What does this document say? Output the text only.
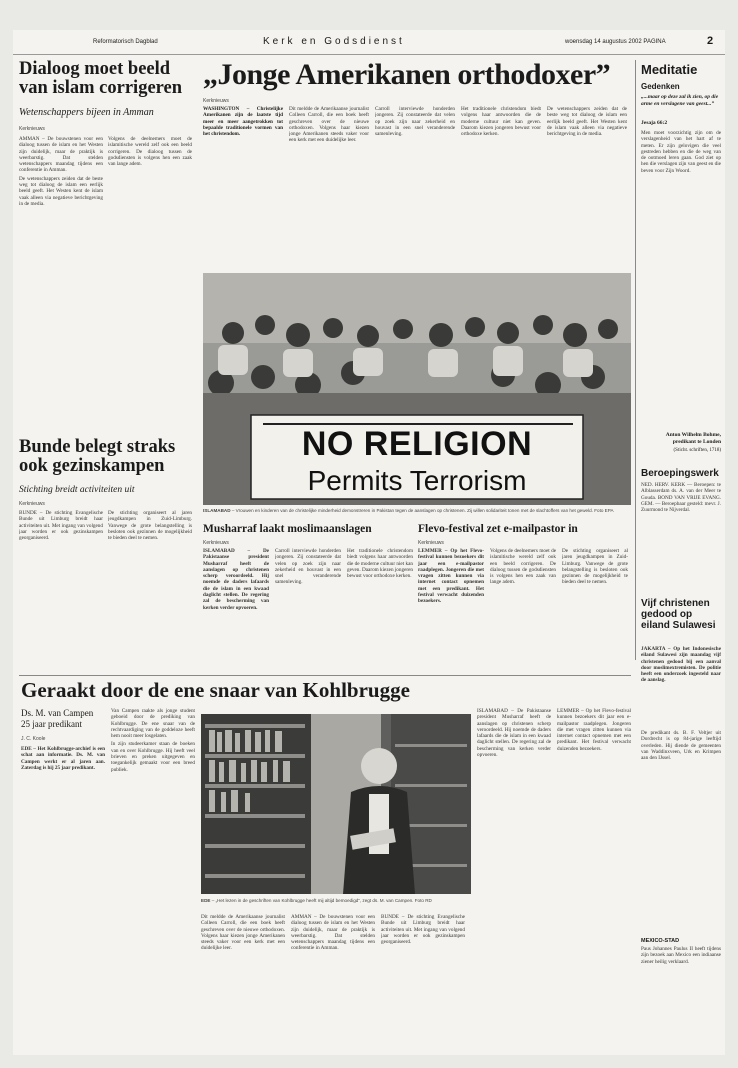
Reformatorisch Dagblad	Kerk en Godsdienst	woensdag 14 augustus 2002 PAGINA	2
Dialoog moet beeld van islam corrigeren
Wetenschappers bijeen in Amman
Kerknieuws

AMMAN – De bouwstenen voor een dialoog tussen de islam en het Westen zijn duidelijk, maar de praktijk is weerbarstig. Dat stelden wetenschappers maandag tijdens een conferentie in Amman.

De wetenschappers zeiden dat de beste weg tot dialoog de islam een eerlijk beeld geeft. Het Westen kent de islam vaak alleen via negatieve berichtgeving in de media.

Volgens de deelnemers moet de islamitische wereld zelf ook een beeld corrigeren. De dialoog tussen de godsdiensten is volgens hen een zaak van lange adem.

„Jonge Amerikanen orthodoxer”
Kerknieuws
WASHINGTON – Christelijke Amerikanen zijn de laatste tijd meer en meer aangetrokken tot bepaalde traditionele vormen van het christendom.
Dit meldde de Amerikaanse journalist Colleen Carroll, die een boek heeft geschreven over de nieuwe orthodoxen. Volgens haar kiezen jonge Amerikanen steeds vaker voor een kerk met een duidelijke leer.
Carroll interviewde honderden jongeren. Zij constateerde dat velen op zoek zijn naar zekerheid en houvast in een snel veranderende samenleving.
Het traditionele christendom biedt volgens haar antwoorden die de moderne cultuur niet kan geven. Daarom kiezen jongeren bewust voor orthodoxe kerken.
De wetenschappers zeiden dat de beste weg tot dialoog de islam een eerlijk beeld geeft. Het Westen kent de islam vaak alleen via negatieve berichtgeving in de media.
NO RELIGION
Permits Terrorism
ISLAMABAD – Vrouwen en kinderen van de christelijke minderheid demonstreren in Pakistan tegen de aanslagen op christenen. Zij willen solidariteit tonen met de slachtoffers van het geweld. Foto EPA
Meditatie
Gedenken
„...maar op deze zal ik zien, op die arme en verslagene van geest...”
Jesaja 66:2
Men moet voorzichtig zijn om de verslagenheid van het hart af te meten. Er zijn gelovigen die veel gestreden hebben en die de weg van de ootmoed leren gaan. God ziet op hen die verslagen zijn van geest en die beven voor Zijn Woord.
Anton Wilhelm Bohme,
predikant te Londen
(Sticht. schriften, 1718)
Beroepingswerk
NED. HERV. KERK — Beroepen: te Alblasserdam ds. A. van der Meer te Gouda. BOND VAN VRIJE EVANG. GEM. — Beroepbaar gesteld: mevr. J. Zuurmond te Nijverdal.
Vijf christenen gedood op eiland Sulawesi
JAKARTA – Op het Indonesische eiland Sulawesi zijn maandag vijf christenen gedood bij een aanval door moslimextremisten. De politie heeft een onderzoek ingesteld naar de aanslag.
Bunde belegt straks ook gezinskampen
Stichting breidt activiteiten uit
Kerknieuws
BUNDE – De stichting Evangelische Bunde uit Limburg breidt haar activiteiten uit. Met ingang van volgend jaar worden er ook gezinskampen georganiseerd.
De stichting organiseert al jaren jeugdkampen in Zuid-Limburg. Vanwege de grote belangstelling is besloten ook gezinnen de mogelijkheid te bieden deel te nemen.
Musharraf laakt moslimaanslagen
Kerknieuws
ISLAMABAD – De Pakistaanse president Musharraf heeft de aanslagen op christenen scherp veroordeeld. Hij noemde de daders lafaards die de islam in een kwaad daglicht stellen. De regering zal de bescherming van kerken verder opvoeren.
Carroll interviewde honderden jongeren. Zij constateerde dat velen op zoek zijn naar zekerheid en houvast in een snel veranderende samenleving.
Het traditionele christendom biedt volgens haar antwoorden die de moderne cultuur niet kan geven. Daarom kiezen jongeren bewust voor orthodoxe kerken.
Flevo-festival zet e-mailpastor in
Kerknieuws
LEMMER – Op het Flevo-festival kunnen bezoekers dit jaar een e-mailpastor raadplegen. Jongeren die met vragen zitten kunnen via internet contact opnemen met een predikant. Het festival verwacht duizenden bezoekers.
Volgens de deelnemers moet de islamitische wereld zelf ook een beeld corrigeren. De dialoog tussen de godsdiensten is volgens hen een zaak van lange adem.
De stichting organiseert al jaren jeugdkampen in Zuid-Limburg. Vanwege de grote belangstelling is besloten ook gezinnen de mogelijkheid te bieden deel te nemen.
Geraakt door de ene snaar van Kohlbrugge
Ds. M. van Campen
25 jaar predikant
J. C. Koole
EDE – Het Kohlbrugge-archief is een schat aan informatie. Ds. M. van Campen werkt er al jaren aan. Zaterdag is hij 25 jaar predikant.

Van Campen raakte als jonge student geboeid door de prediking van Kohlbrugge. De ene snaar van de rechtvaardiging van de goddeloze heeft hem nooit meer losgelaten.

In zijn studeerkamer staan de boeken van en over Kohlbrugge. Hij heeft veel brieven en preken uitgegeven en toegankelijk gemaakt voor een breed publiek.

EDE – „Het lezen in de geschriften van Kohlbrugge heeft mij altijd bemoedigd”, zegt ds. M. van Campen. Foto RD
Dit meldde de Amerikaanse journalist Colleen Carroll, die een boek heeft geschreven over de nieuwe orthodoxen. Volgens haar kiezen jonge Amerikanen steeds vaker voor een kerk met een duidelijke leer.
AMMAN – De bouwstenen voor een dialoog tussen de islam en het Westen zijn duidelijk, maar de praktijk is weerbarstig. Dat stelden wetenschappers maandag tijdens een conferentie in Amman.
BUNDE – De stichting Evangelische Bunde uit Limburg breidt haar activiteiten uit. Met ingang van volgend jaar worden er ook gezinskampen georganiseerd.
ISLAMABAD – De Pakistaanse president Musharraf heeft de aanslagen op christenen scherp veroordeeld. Hij noemde de daders lafaards die de islam in een kwaad daglicht stellen. De regering zal de bescherming van kerken verder opvoeren.
LEMMER – Op het Flevo-festival kunnen bezoekers dit jaar een e-mailpastor raadplegen. Jongeren die met vragen zitten kunnen via internet contact opnemen met een predikant. Het festival verwacht duizenden bezoekers.
De predikant ds. B. F. Veltjer uit Dordrecht is op 84-jarige leeftijd overleden. Hij diende de gemeenten van Waddinxveen, Urk en Krimpen aan den IJssel.
MEXICO-STAD
Paus Johannes Paulus II heeft tijdens zijn bezoek aan Mexico een indiaanse ziener heilig verklaard.
